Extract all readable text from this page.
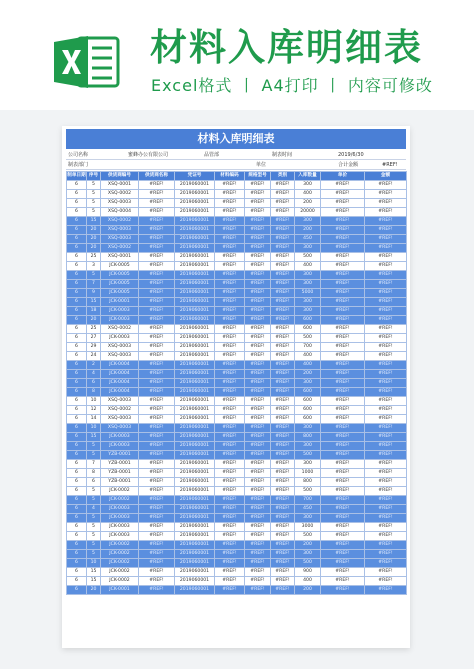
材料入库明细表
Excel格式 丨 A4打印 丨 内容可修改
材料入库明细表
公司名称	蜜蜂办公有限公司	品管部	制表时间	2019/6/30
制表部门	单位	合计金额	#REF!
制单日期	序号	供货商编号	供货商名称	凭证号	材料编码	规格型号	类别	入库数量	单价	金额
6	5	XSQ-0001	#REF!	2019060001	#REF!	#REF!	#REF!	300	#REF!	#REF!
6	5	XSQ-0002	#REF!	2019060001	#REF!	#REF!	#REF!	400	#REF!	#REF!
6	5	XSQ-0003	#REF!	2019060001	#REF!	#REF!	#REF!	200	#REF!	#REF!
6	5	XSQ-0004	#REF!	2019060001	#REF!	#REF!	#REF!	20000	#REF!	#REF!
6	15	XSQ-0002	#REF!	2019060001	#REF!	#REF!	#REF!	300	#REF!	#REF!
6	20	XSQ-0003	#REF!	2019060001	#REF!	#REF!	#REF!	200	#REF!	#REF!
6	20	XSQ-0003	#REF!	2019060001	#REF!	#REF!	#REF!	450	#REF!	#REF!
6	20	XSQ-0002	#REF!	2019060001	#REF!	#REF!	#REF!	300	#REF!	#REF!
6	25	XSQ-0001	#REF!	2019060001	#REF!	#REF!	#REF!	500	#REF!	#REF!
6	3	JCK-0005	#REF!	2019060001	#REF!	#REF!	#REF!	400	#REF!	#REF!
6	5	JCK-0005	#REF!	2019060001	#REF!	#REF!	#REF!	300	#REF!	#REF!
6	7	JCK-0005	#REF!	2019060001	#REF!	#REF!	#REF!	300	#REF!	#REF!
6	9	JCK-0005	#REF!	2019060001	#REF!	#REF!	#REF!	5000	#REF!	#REF!
6	15	JCK-0001	#REF!	2019060001	#REF!	#REF!	#REF!	300	#REF!	#REF!
6	18	JCK-0003	#REF!	2019060001	#REF!	#REF!	#REF!	300	#REF!	#REF!
6	20	JCK-0003	#REF!	2019060001	#REF!	#REF!	#REF!	600	#REF!	#REF!
6	25	XSQ-0002	#REF!	2019060001	#REF!	#REF!	#REF!	600	#REF!	#REF!
6	27	JCK-0003	#REF!	2019060001	#REF!	#REF!	#REF!	500	#REF!	#REF!
6	29	XSQ-0003	#REF!	2019060001	#REF!	#REF!	#REF!	700	#REF!	#REF!
6	24	XSQ-0003	#REF!	2019060001	#REF!	#REF!	#REF!	400	#REF!	#REF!
6	2	JCK-0004	#REF!	2019060001	#REF!	#REF!	#REF!	400	#REF!	#REF!
6	4	JCK-0004	#REF!	2019060001	#REF!	#REF!	#REF!	200	#REF!	#REF!
6	6	JCK-0004	#REF!	2019060001	#REF!	#REF!	#REF!	300	#REF!	#REF!
6	8	JCK-0004	#REF!	2019060001	#REF!	#REF!	#REF!	600	#REF!	#REF!
6	10	XSQ-0003	#REF!	2019060001	#REF!	#REF!	#REF!	600	#REF!	#REF!
6	12	XSQ-0002	#REF!	2019060001	#REF!	#REF!	#REF!	600	#REF!	#REF!
6	14	XSQ-0003	#REF!	2019060001	#REF!	#REF!	#REF!	600	#REF!	#REF!
6	10	XSQ-0003	#REF!	2019060001	#REF!	#REF!	#REF!	300	#REF!	#REF!
6	15	JCK-0003	#REF!	2019060001	#REF!	#REF!	#REF!	800	#REF!	#REF!
6	5	JCK-0003	#REF!	2019060001	#REF!	#REF!	#REF!	300	#REF!	#REF!
6	5	YZB-0001	#REF!	2019060001	#REF!	#REF!	#REF!	500	#REF!	#REF!
6	7	YZB-0001	#REF!	2019060001	#REF!	#REF!	#REF!	300	#REF!	#REF!
6	8	YZB-0001	#REF!	2019060001	#REF!	#REF!	#REF!	1000	#REF!	#REF!
6	6	YZB-0001	#REF!	2019060001	#REF!	#REF!	#REF!	800	#REF!	#REF!
6	5	JCK-0002	#REF!	2019060001	#REF!	#REF!	#REF!	500	#REF!	#REF!
6	5	JCK-0002	#REF!	2019060001	#REF!	#REF!	#REF!	700	#REF!	#REF!
6	4	JCK-0003	#REF!	2019060001	#REF!	#REF!	#REF!	450	#REF!	#REF!
6	5	JCK-0003	#REF!	2019060001	#REF!	#REF!	#REF!	300	#REF!	#REF!
6	5	JCK-0003	#REF!	2019060001	#REF!	#REF!	#REF!	3000	#REF!	#REF!
6	5	JCK-0003	#REF!	2019060001	#REF!	#REF!	#REF!	500	#REF!	#REF!
6	5	JCK-0002	#REF!	2019060001	#REF!	#REF!	#REF!	200	#REF!	#REF!
6	5	JCK-0002	#REF!	2019060001	#REF!	#REF!	#REF!	300	#REF!	#REF!
6	10	JCK-0002	#REF!	2019060001	#REF!	#REF!	#REF!	500	#REF!	#REF!
6	15	JCK-0002	#REF!	2019060001	#REF!	#REF!	#REF!	900	#REF!	#REF!
6	15	JCK-0002	#REF!	2019060001	#REF!	#REF!	#REF!	400	#REF!	#REF!
6	20	JCK-0001	#REF!	2019060001	#REF!	#REF!	#REF!	200	#REF!	#REF!
